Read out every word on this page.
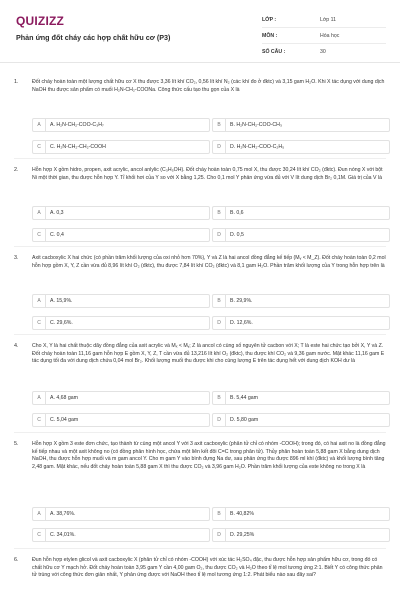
QUIZIZZ
Phản ứng đốt cháy các hợp chất hữu cơ (P3)
LỚP :	Lớp 11
MÔN :	Hóa học
SỐ CÂU :	30
1.	Đốt cháy hoàn toàn một lượng chất hữu cơ X thu được 3,36 lít khí CO₂, 0,56 lít khí N₂ (các khí đo ở đktc) và 3,15 gam H₂O. Khi X tác dụng với dung dịch NaOH thu được sản phẩm có muối H₂N-CH₂-COONa. Công thức cấu tạo thu gọn của X là
A	A. H₂N-CH₂-COO-C₃H₇	B	B. H₂N-CH₂-COO-CH₃
C	C. H₂N-CH₂-CH₂-COOH	D	D. H₂N-CH₂-COO-C₂H₅
2.	Hỗn hợp X gồm hidro, propen, axit acrylic, ancol anlylic (C₃H₅OH). Đốt cháy hoàn toàn 0,75 mol X, thu được 30,24 lít khí CO₂ (đktc). Đun nóng X với bột Ni một thời gian, thu được hỗn hợp Y. Tỉ khối hơi của Y so với X bằng 1,25. Cho 0,1 mol Y phản ứng vừa đủ với V lít dung dịch Br₂ 0,1M. Giá trị của V là
A	A. 0,3	B	B. 0,6
C	C. 0,4	D	D. 0,5
3.	Axit cacboxylic X hai chức (có phần trăm khối lượng của oxi nhỏ hơn 70%), Y và Z là hai ancol đồng đẳng kế tiếp (Mᵧ < M_Z). Đốt cháy hoàn toàn 0,2 mol hỗn hợp gồm X, Y, Z cần vừa đủ 8,96 lít khí O₂ (đktc), thu được 7,84 lít khí CO₂ (đktc) và 8,1 gam H₂O. Phần trăm khối lượng của Y trong hỗn hợp trên là
A	A. 15,9%.	B	B. 29,9%.
C	C. 29,6%.	D	D. 12,6%.
4.	Cho X, Y là hai chất thuộc dãy đồng đẳng của axit acrylic và Mₓ < Mᵧ; Z là ancol có cùng số nguyên tử cacbon với X; T là este hai chức tạo bởi X, Y và Z. Đốt cháy hoàn toàn 11,16 gam hỗn hợp E gồm X, Y, Z, T cần vừa đủ 13,216 lít khí O₂ (đktc), thu được khí CO₂ và 9,36 gam nước. Mặt khác 11,16 gam E tác dụng tối đa với dung dịch chứa 0,04 mol Br₂. Khối lượng muối thu được khi cho cùng lượng E trên tác dụng hết với dung dịch KOH dư là
A	A. 4,68 gam	B	B. 5,44 gam
C	C. 5,04 gam	D	D. 5,80 gam
5.	Hỗn hợp X gồm 3 este đơn chức, tạo thành từ cùng một ancol Y với 3 axit cacboxylic (phân tử chỉ có nhóm -COOH); trong đó, có hai axit no là đồng đẳng kế tiếp nhau và một axit không no (có đồng phân hình học, chứa một liên kết đôi C=C trong phân tử). Thủy phân hoàn toàn 5,88 gam X bằng dung dịch NaOH, thu được hỗn hợp muối và m gam ancol Y. Cho m gam Y vào bình đựng Na dư, sau phản ứng thu được 896 ml khí (đktc) và khối lượng bình tăng 2,48 gam. Mặt khác, nếu đốt cháy hoàn toàn 5,88 gam X thì thu được CO₂ và 3,96 gam H₂O. Phần trăm khối lượng của este không no trong X là
A	A. 38,76%.	B	B. 40,82%
C	C. 34,01%.	D	D. 29,25%
6.	Đun hỗn hợp etylen glicol và axit cacboxylic X (phân tử chỉ có nhóm -COOH) với xúc tác H₂SO₄ đặc, thu được hỗn hợp sản phẩm hữu cơ, trong đó có chất hữu cơ Y mạch hở. Đốt cháy hoàn toàn 3,95 gam Y cần 4,00 gam O₂, thu được CO₂ và H₂O theo tỉ lệ mol tương ứng 2:1. Biết Y có công thức phân tử trùng với công thức đơn giản nhất, Y phản ứng được với NaOH theo tỉ lệ mol tương ứng 1:2. Phát biểu nào sau đây sai?
